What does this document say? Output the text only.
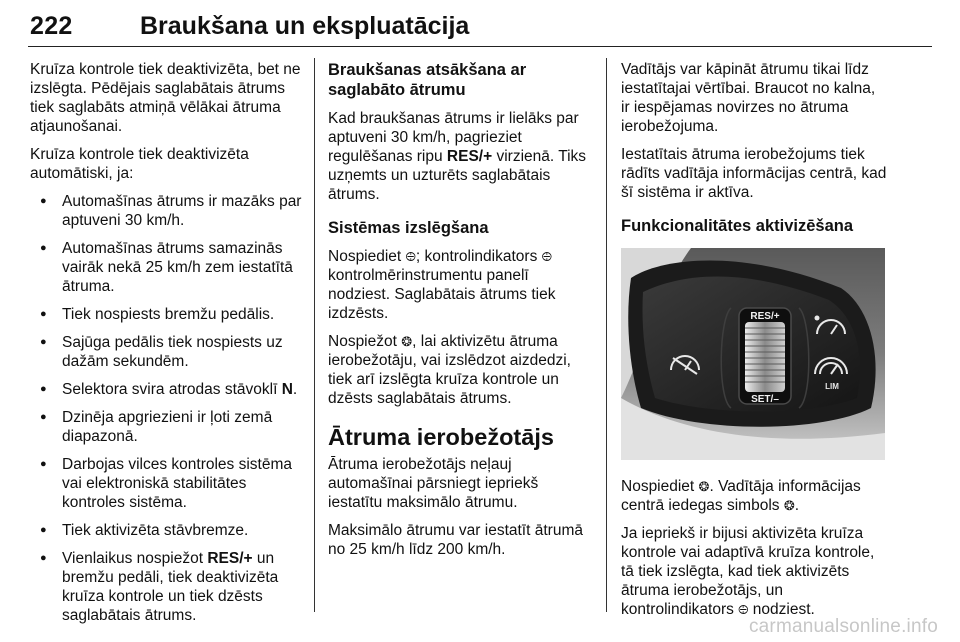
222	Braukšana un ekspluatācija

Kruīza kontrole tiek deaktivizēta, bet ne izslēgta. Pēdējais saglabātais ātrums tiek saglabāts atmiņā vēlākai ātruma atjaunošanai.

Kruīza kontrole tiek deaktivizēta automātiski, ja:

● Automašīnas ātrums ir mazāks par aptuveni 30 km/h.
● Automašīnas ātrums samazinās vairāk nekā 25 km/h zem iestatītā ātruma.
● Tiek nospiests bremžu pedālis.
● Sajūga pedālis tiek nospiests uz dažām sekundēm.
● Selektora svira atrodas stāvoklī N.
● Dzinēja apgriezieni ir ļoti zemā diapazonā.
● Darbojas vilces kontroles sistēma vai elektroniskā stabilitātes kontroles sistēma.
● Tiek aktivizēta stāvbremze.
● Vienlaikus nospiežot RES/+ un bremžu pedāli, tiek deaktivizēta kruīza kontrole un tiek dzēsts saglabātais ātrums.
Braukšanas atsākšana ar saglabāto ātrumu

Kad braukšanas ātrums ir lielāks par aptuveni 30 km/h, pagrieziet regulēšanas ripu RES/+ virzienā. Tiks uzņemts un uzturēts saglabātais ātrums.

Sistēmas izslēgšana

Nospiediet ⨸; kontrolindikators ⨸ kontrolmērinstrumentu panelī nodziest. Saglabātais ātrums tiek izdzēsts.

Nospiežot ❂, lai aktivizētu ātruma ierobežotāju, vai izslēdzot aizdedzi, tiek arī izslēgta kruīza kontrole un dzēsts saglabātais ātrums.

Ātruma ierobežotājs

Ātruma ierobežotājs neļauj automašīnai pārsniegt iepriekš iestatītu maksimālo ātrumu.

Maksimālo ātrumu var iestatīt ātrumā no 25 km/h līdz 200 km/h.

Vadītājs var kāpināt ātrumu tikai līdz iestatītajai vērtībai. Braucot no kalna, ir iespējamas novirzes no ātruma ierobežojuma.

Iestatītais ātruma ierobežojums tiek rādīts vadītāja informācijas centrā, kad šī sistēma ir aktīva.

Funkcionalitātes aktivizēšana
RES/+
SET/–
LIM

Nospiediet ❂. Vadītāja informācijas centrā iedegas simbols ❂.

Ja iepriekš ir bijusi aktivizēta kruīza kontrole vai adaptīvā kruīza kontrole, tā tiek izslēgta, kad tiek aktivizēts ātruma ierobežotājs, un kontrolindikators ⨸ nodziest.

carmanualsonline.info
